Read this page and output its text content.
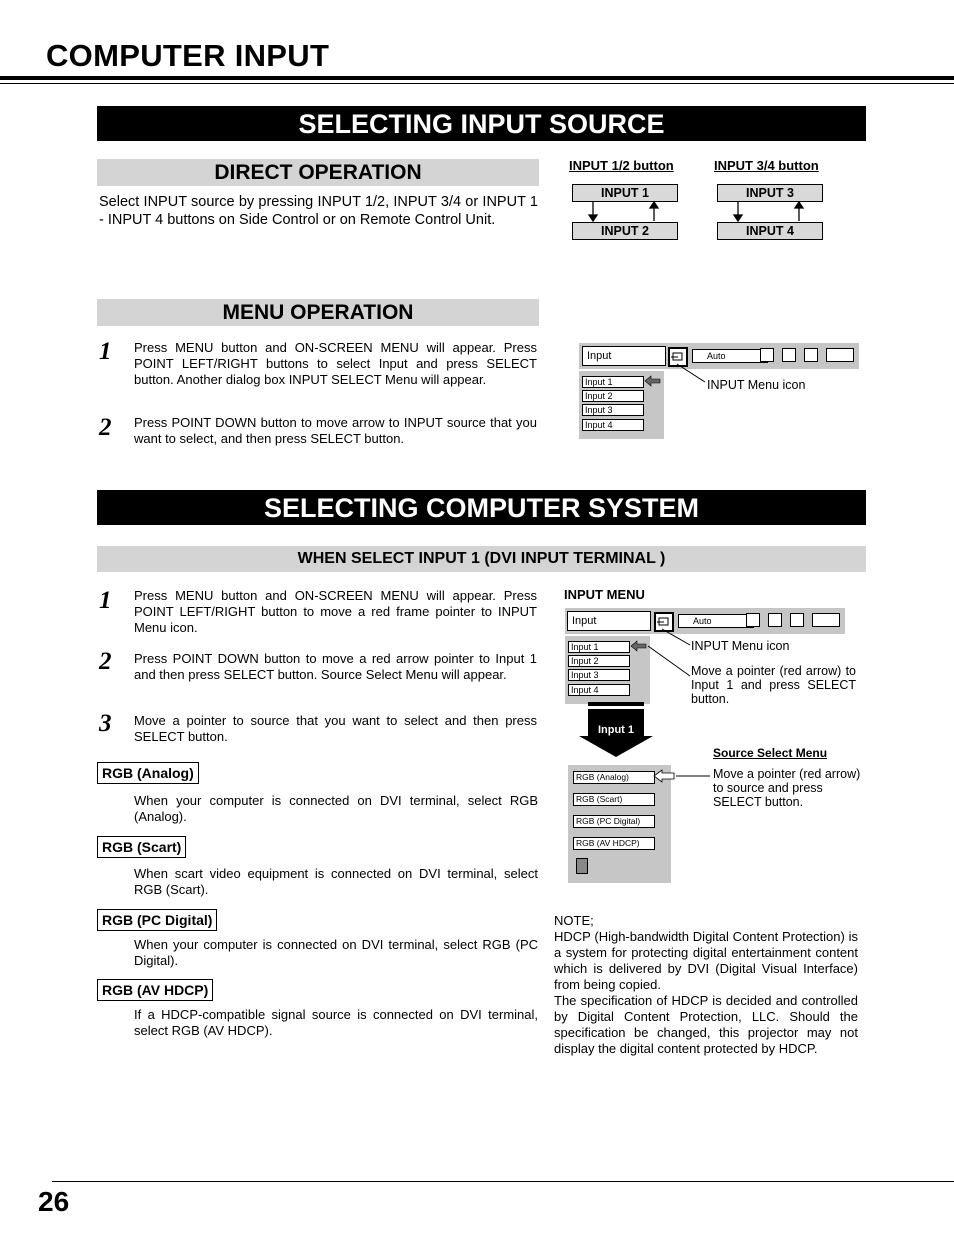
COMPUTER INPUT
SELECTING INPUT SOURCE
DIRECT OPERATION
Select INPUT source by pressing INPUT 1/2, INPUT 3/4 or INPUT 1 - INPUT 4 buttons on Side Control or on Remote Control Unit.
INPUT 1/2 button	INPUT 3/4 button
INPUT 1
INPUT 2
INPUT 3
INPUT 4
MENU OPERATION
1 Press MENU button and ON-SCREEN MENU will appear. Press POINT LEFT/RIGHT buttons to select Input and press SELECT button. Another dialog box INPUT SELECT Menu will appear.
2 Press POINT DOWN button to move arrow to INPUT source that you want to select, and then press SELECT button.
Input	Auto
INPUT Menu icon
Input 1
Input 2
Input 3
Input 4
SELECTING COMPUTER SYSTEM
WHEN SELECT INPUT 1 (DVI INPUT TERMINAL )
1 Press MENU button and ON-SCREEN MENU will appear. Press POINT LEFT/RIGHT button to move a red frame pointer to INPUT Menu icon.
2 Press POINT DOWN button to move a red arrow pointer to Input 1 and then press SELECT button. Source Select Menu will appear.
3 Move a pointer to source that you want to select and then press SELECT button.
RGB (Analog)
When your computer is connected on DVI terminal, select RGB (Analog).
RGB (Scart)
When scart video equipment is connected on DVI terminal, select RGB (Scart).
RGB (PC Digital)
When your computer is connected on DVI terminal, select RGB (PC Digital).
RGB (AV HDCP)
If a HDCP-compatible signal source is connected on DVI terminal, select RGB (AV HDCP).
INPUT MENU
Input	Auto
INPUT Menu icon
Input 1
Input 2
Input 3
Input 4
Move a pointer (red arrow) to Input 1 and press SELECT button.
Input 1
Source Select Menu
Move a pointer (red arrow) to source and press SELECT button.
RGB (Analog)
RGB (Scart)
RGB (PC Digital)
RGB (AV HDCP)
NOTE;
HDCP (High-bandwidth Digital Content Protection) is a system for protecting digital entertainment content which is delivered by DVI (Digital Visual Interface) from being copied.
The specification of HDCP is decided and controlled by Digital Content Protection, LLC. Should the specification be changed, this projector may not display the digital content protected by HDCP.
26
